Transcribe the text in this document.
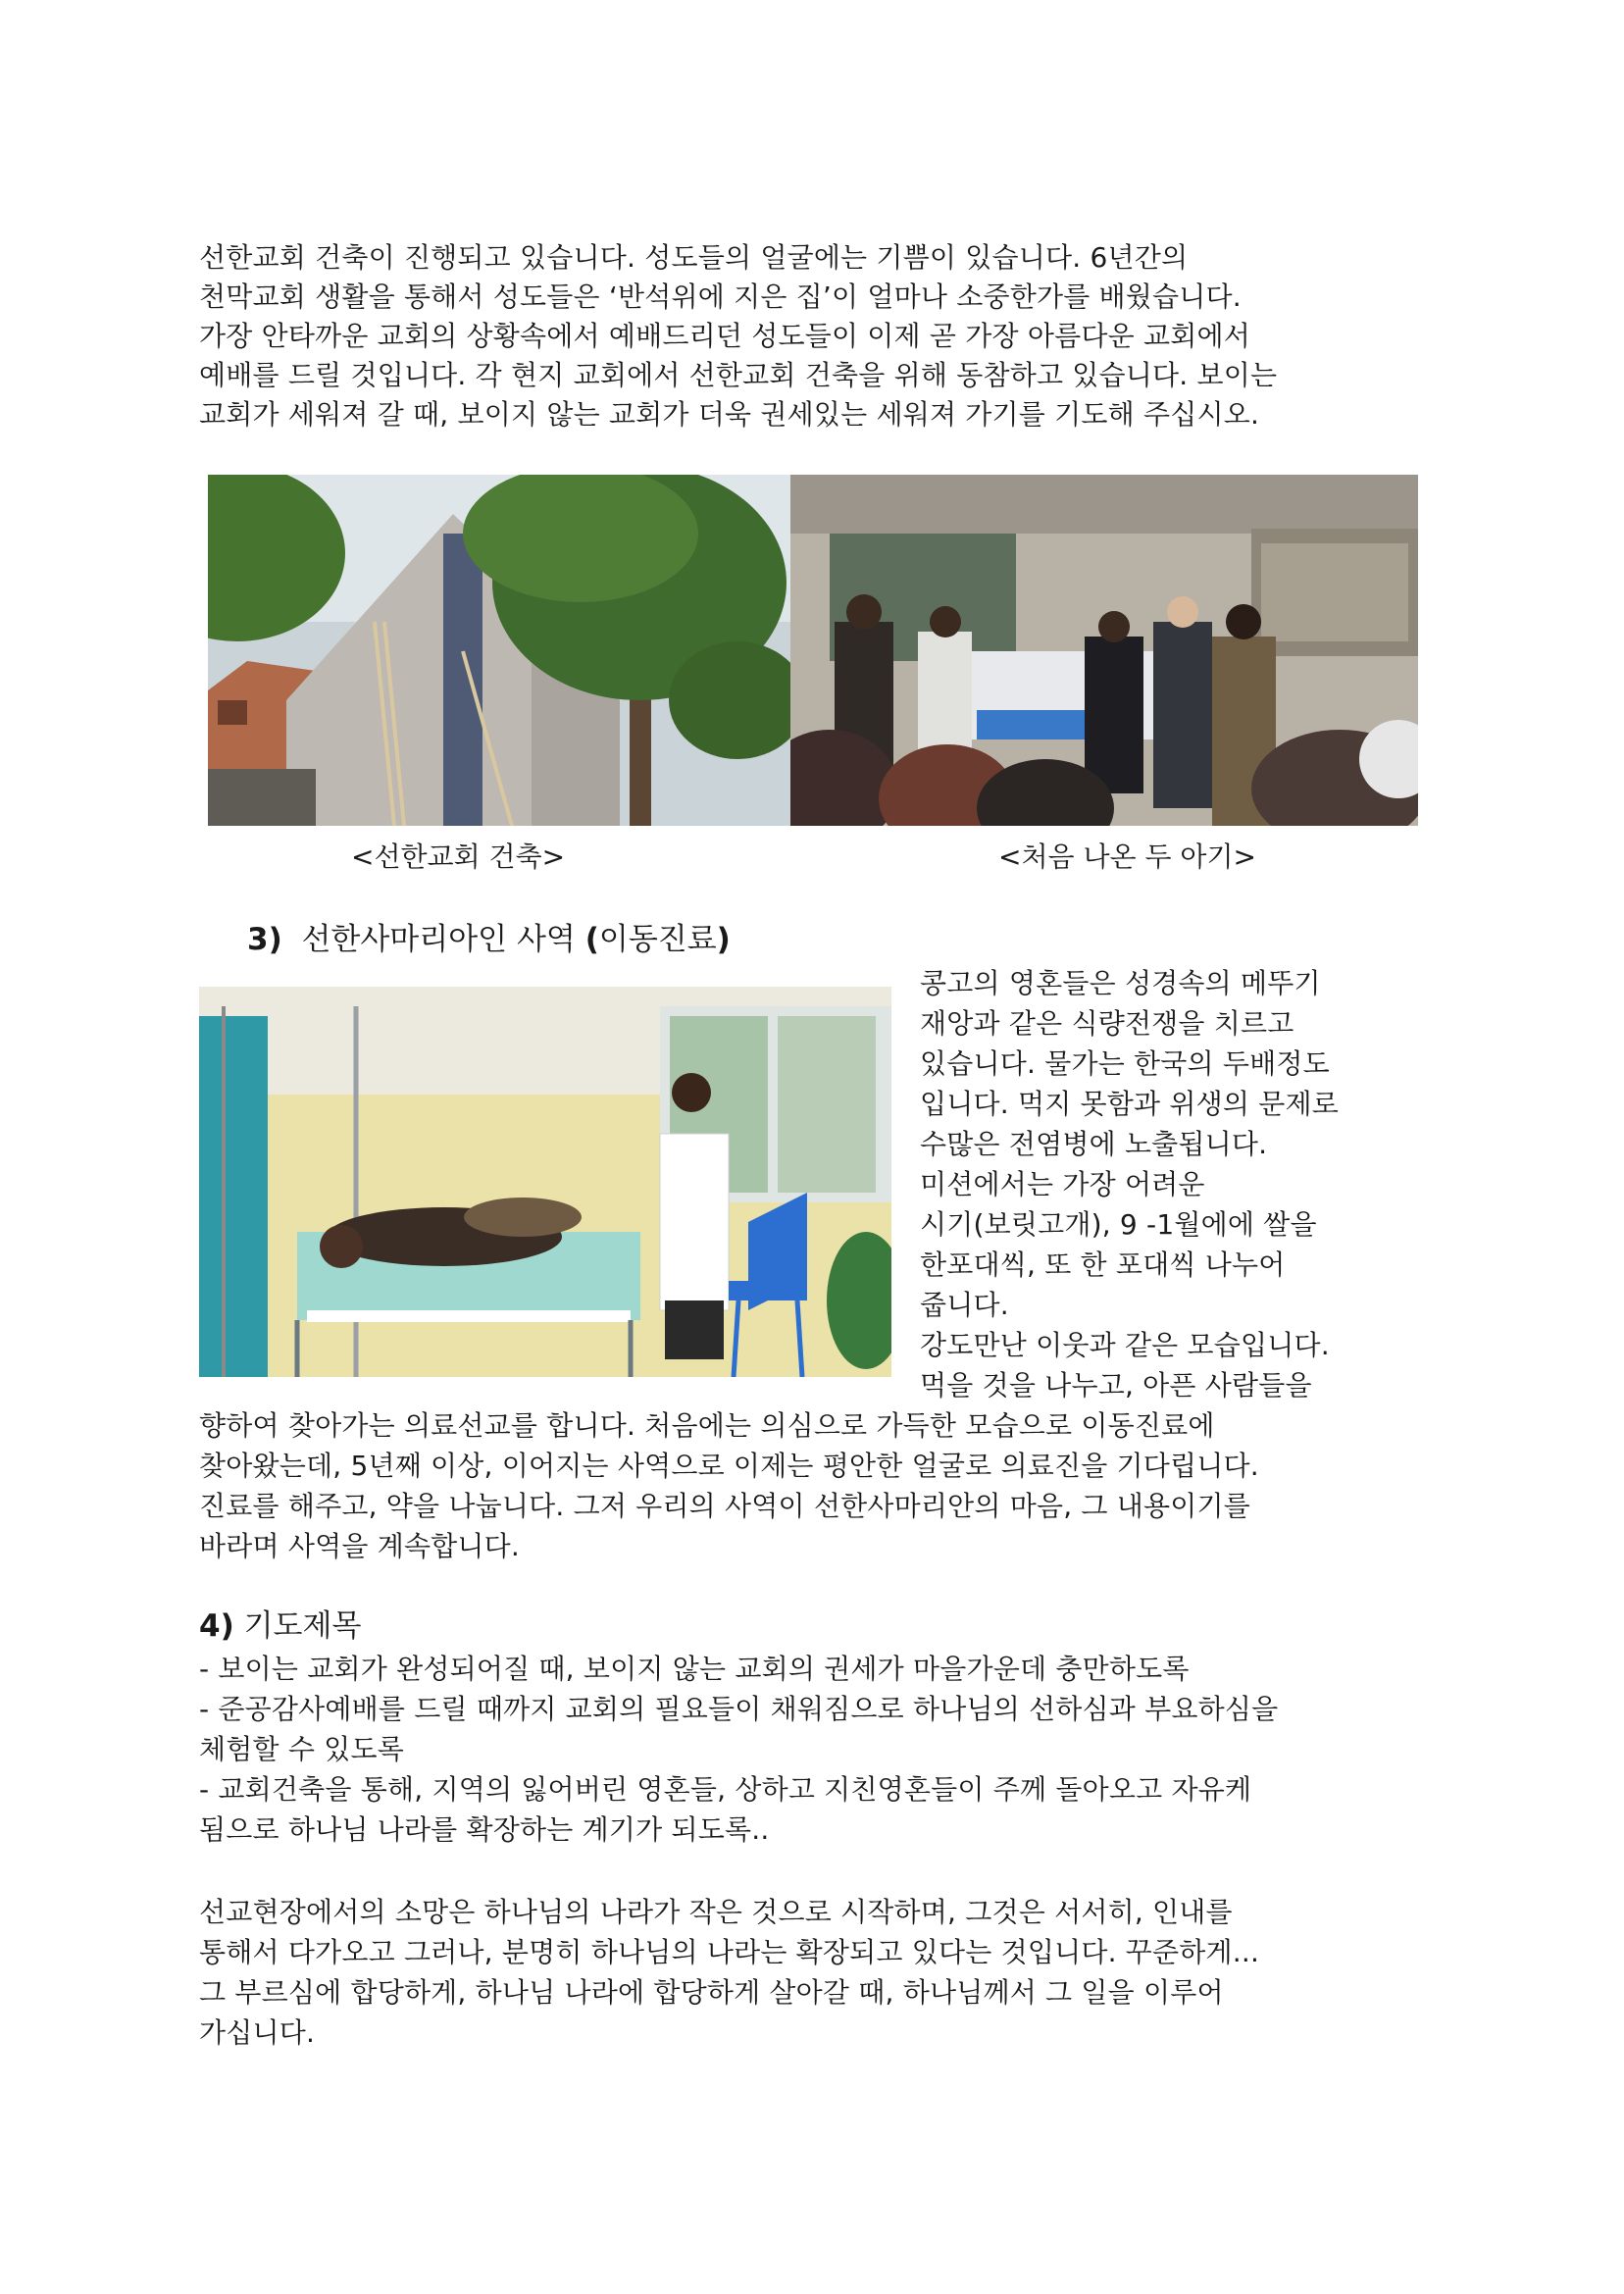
선한교회 건축이 진행되고 있습니다. 성도들의 얼굴에는 기쁨이 있습니다. 6년간의
천막교회 생활을 통해서 성도들은 ‘반석위에 지은 집’이 얼마나 소중한가를 배웠습니다.
가장 안타까운 교회의 상황속에서 예배드리던 성도들이 이제 곧 가장 아름다운 교회에서
예배를 드릴 것입니다. 각 현지 교회에서 선한교회 건축을 위해 동참하고 있습니다. 보이는
교회가 세워져 갈 때, 보이지 않는 교회가 더욱 권세있는 세워져 가기를 기도해 주십시오.
<선한교회 건축>	<처음 나온 두 아기>
3) 선한사마리아인 사역 (이동진료)
콩고의 영혼들은 성경속의 메뚜기
재앙과 같은 식량전쟁을 치르고
있습니다. 물가는 한국의 두배정도
입니다. 먹지 못함과 위생의 문제로
수많은 전염병에 노출됩니다.
미션에서는 가장 어려운
시기(보릿고개), 9 -1월에에 쌀을
한포대씩, 또 한 포대씩 나누어
줍니다.
강도만난 이웃과 같은 모습입니다.
먹을 것을 나누고, 아픈 사람들을
향하여 찾아가는 의료선교를 합니다. 처음에는 의심으로 가득한 모습으로 이동진료에
찾아왔는데, 5년째 이상, 이어지는 사역으로 이제는 평안한 얼굴로 의료진을 기다립니다.
진료를 해주고, 약을 나눕니다. 그저 우리의 사역이 선한사마리안의 마음, 그 내용이기를
바라며 사역을 계속합니다.
4) 기도제목
- 보이는 교회가 완성되어질 때, 보이지 않는 교회의 권세가 마을가운데 충만하도록
- 준공감사예배를 드릴 때까지 교회의 필요들이 채워짐으로 하나님의 선하심과 부요하심을
체험할 수 있도록
- 교회건축을 통해, 지역의 잃어버린 영혼들, 상하고 지친영혼들이 주께 돌아오고 자유케
됨으로 하나님 나라를 확장하는 계기가 되도록..
선교현장에서의 소망은 하나님의 나라가 작은 것으로 시작하며, 그것은 서서히, 인내를
통해서 다가오고 그러나, 분명히 하나님의 나라는 확장되고 있다는 것입니다. 꾸준하게...
그 부르심에 합당하게, 하나님 나라에 합당하게 살아갈 때, 하나님께서 그 일을 이루어
가십니다.
